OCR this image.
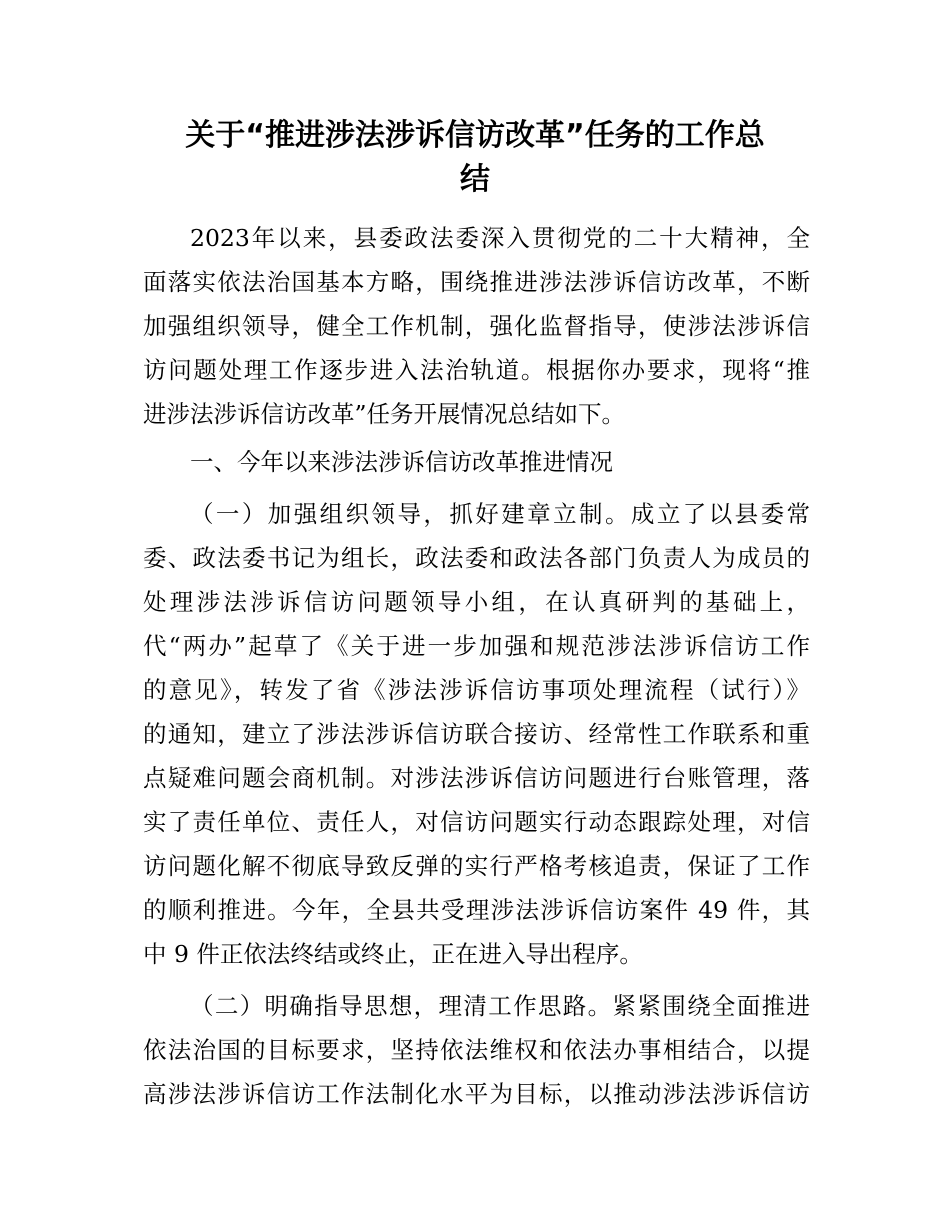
关于“推进涉法涉诉信访改革”任务的工作总
结
2023年以来，县委政法委深入贯彻党的二十大精神，全
面落实依法治国基本方略，围绕推进涉法涉诉信访改革，不断
加强组织领导，健全工作机制，强化监督指导，使涉法涉诉信
访问题处理工作逐步进入法治轨道。根据你办要求，现将“推
进涉法涉诉信访改革”任务开展情况总结如下。
一、今年以来涉法涉诉信访改革推进情况
（一）加强组织领导，抓好建章立制。成立了以县委常
委、政法委书记为组长，政法委和政法各部门负责人为成员的
处理涉法涉诉信访问题领导小组，在认真研判的基础上，
代“两办”起草了《关于进一步加强和规范涉法涉诉信访工作
的意见》，转发了省《涉法涉诉信访事项处理流程（试行）》
的通知，建立了涉法涉诉信访联合接访、经常性工作联系和重
点疑难问题会商机制。对涉法涉诉信访问题进行台账管理，落
实了责任单位、责任人，对信访问题实行动态跟踪处理，对信
访问题化解不彻底导致反弹的实行严格考核追责，保证了工作
的顺利推进。今年，全县共受理涉法涉诉信访案件 49 件，其
中 9 件正依法终结或终止，正在进入导出程序。
（二）明确指导思想，理清工作思路。紧紧围绕全面推进
依法治国的目标要求，坚持依法维权和依法办事相结合，以提
高涉法涉诉信访工作法制化水平为目标，以推动涉法涉诉信访
